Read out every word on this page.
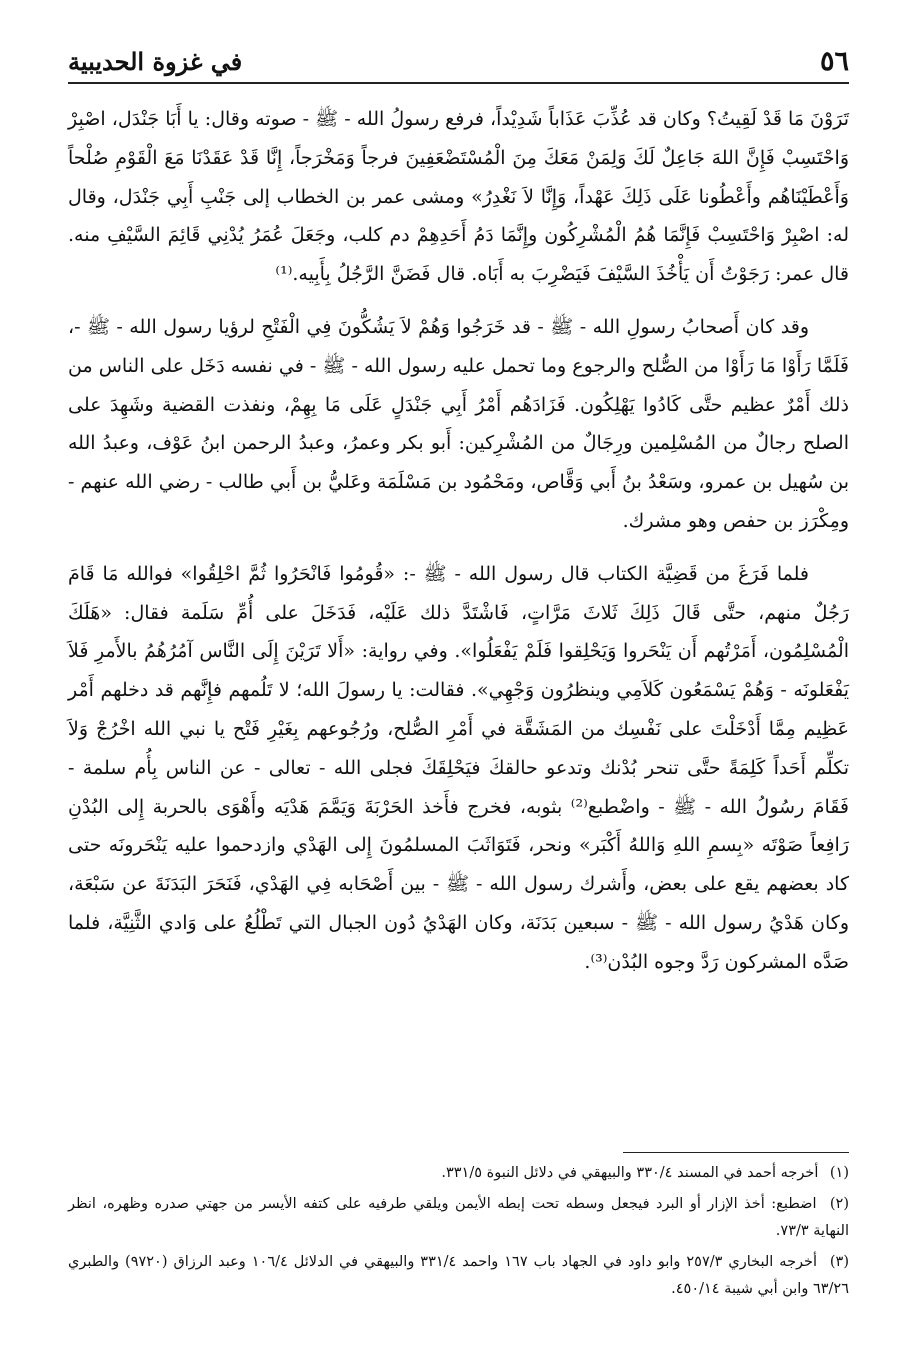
٥٦
في غزوة الحديبية

تَرَوْنَ مَا قَدْ لَقِيتُ؟ وكان قد عُذِّبَ عَذَاباً شَدِيْداً، فرفع رسولُ الله - ﷺ - صوته وقال: يا أَبَا جَنْدَل، اصْبِرْ وَاحْتَسِبْ فَإِنَّ اللهَ جَاعِلٌ لَكَ وَلِمَنْ مَعَكَ مِنَ الْمُسْتَضْعَفِينَ فرجاً وَمَخْرَجاً، إِنَّا قَدْ عَقَدْنَا مَعَ الْقَوْمِ صُلْحاً وَأَعْطَيْنَاهُم وأَعْطُونا عَلَى ذَلِكَ عَهْداً، وَإِنَّا لاَ نَغْدِرُ» ومشى عمر بن الخطاب إلى جَنْبِ أَبِي جَنْدَل، وقال له: اصْبِرْ وَاحْتَسِبْ فَإِنَّمَا هُمُ الْمُشْرِكُون وإِنَّمَا دَمُ أَحَدِهِمْ دم كلب، وجَعَلَ عُمَرُ يُدْنِي قَائِمَ السَّيْفِ منه. قال عمر: رَجَوْتُ أَن يَأْخُذَ السَّيْفَ فَيَضْرِبَ به أَبَاه. قال فَضَنَّ الرَّجُلُ بِأَبِيه.⁽¹⁾

وقد كان أَصحابُ رسولِ الله - ﷺ - قد خَرَجُوا وَهُمْ لاَ يَشُكُّونَ فِي الْفَتْحِ لرؤيا رسول الله - ﷺ -، فَلَمَّا رَأَوْا مَا رَأَوْا من الصُّلح والرجوع وما تحمل عليه رسول الله - ﷺ - في نفسه دَخَل على الناس من ذلك أَمْرٌ عظيم حتَّى كَادُوا يَهْلِكُون. فَزَادَهُم أَمْرُ أَبِي جَنْدَلٍ عَلَى مَا بِهِمْ، ونفذت القضية وشَهِدَ على الصلح رجالٌ من المُسْلِمين ورِجَالٌ من المُشْرِكين: أَبو بكر وعمرُ، وعبدُ الرحمن ابنُ عَوْف، وعبدُ الله بن سُهيل بن عمرو، وسَعْدُ بنُ أَبي وَقَّاص، ومَحْمُود بن مَسْلَمَة وعَليُّ بن أَبي طالب - رضي الله عنهم - ومِكْرَز بن حفص وهو مشرك.

فلما فَرَغَ من قَضِيَّة الكتاب قال رسول الله - ﷺ -: «قُومُوا فَانْحَرُوا ثُمَّ احْلِقُوا» فوالله مَا قَامَ رَجُلٌ منهم، حتَّى قَالَ ذَلِكَ ثَلاثَ مَرَّاتٍ، فَاشْتَدَّ ذلك عَلَيْه، فَدَخَلَ على أُمِّ سَلَمة فقال: «هَلَكَ الْمُسْلِمُون، أَمَرْتُهم أَن يَنْحَروا وَيَحْلِقوا فَلَمْ يَفْعَلُوا». وفي رواية: «أَلا تَرَيْنَ إِلَى النَّاس آمُرُهُمُ بالأَمرِ فَلاَ يَفْعَلونَه - وَهُمْ يَسْمَعُون كَلاَمِي وينظرُون وَجْهِي». فقالت: يا رسولَ الله؛ لا تَلُمهم فإِنَّهم قد دخلهم أَمْر عَظِيم مِمَّا أَدْخَلْتَ على نَفْسِك من المَشَقَّة في أَمْرِ الصُّلح، ورُجُوعهم بِغَيْرِ فَتْح يا نبي الله اخْرُجْ وَلاَ تكلِّم أَحَداً كَلِمَةً حتَّى تنحر بُدْنك وتدعو حالقكَ فيَحْلِقَكَ فجلى الله - تعالى - عن الناس بِأُم سلمة - فَقَامَ رسُولُ الله - ﷺ - واضْطبع⁽²⁾ بثوبه، فخرج فأَخذ الحَرْبَةَ وَيَمَّمَ هَدْيَه وأَهْوَى بالحربة إِلى البُدْنِ رَافِعاً صَوْتَه «بِسمِ اللهِ وَاللهُ أَكْبَر» ونحر، فَتَوَاثَبَ المسلمُونَ إِلى الهَدْي وازدحموا عليه يَنْحَرونَه حتى كاد بعضهم يقع على بعض، وأَشرك رسول الله - ﷺ - بين أَصْحَابه فِي الهَدْي، فَنَحَرَ البَدَنَةَ عن سَبْعَة، وكان هَدْيُ رسول الله - ﷺ - سبعين بَدَنَة، وكان الهَدْيُ دُون الجبال التي تَطْلُعُ على وَادي الثَّنِيَّة، فلما صَدَّه المشركون رَدَّ وجوه البُدْن⁽³⁾.

(١) أخرجه أحمد في المسند ٣٣٠/٤ والبيهقي في دلائل النبوة ٣٣١/٥.

(٢) اضطبع: أخذ الإزار أو البرد فيجعل وسطه تحت إبطه الأيمن ويلقي طرفيه على كتفه الأيسر من جهتي صدره وظهره، انظر النهاية ٧٣/٣.

(٣) أخرجه البخاري ٢٥٧/٣ وابو داود في الجهاد باب ١٦٧ واحمد ٣٣١/٤ والبيهقي في الدلائل ١٠٦/٤ وعبد الرزاق (٩٧٢٠) والطبري ٦٣/٢٦ وابن أبي شيبة ٤٥٠/١٤.
